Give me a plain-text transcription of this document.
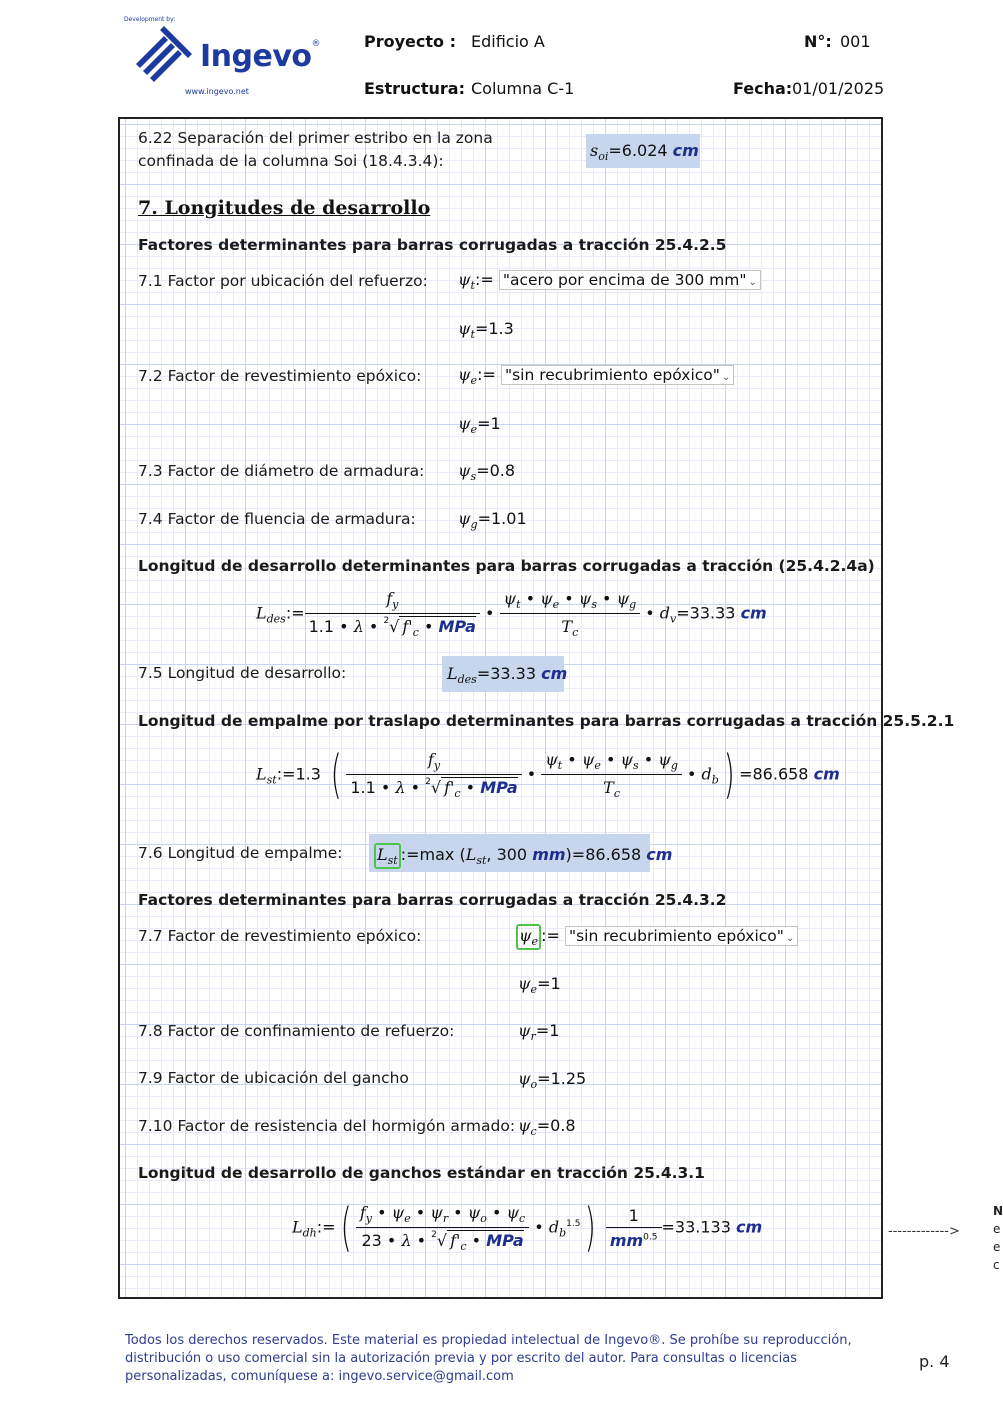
Development by:
Ingevo®
www.ingevo.net
Proyecto : Edificio A	N°: 001
Estructura: Columna C-1	Fecha: 01/01/2025
6.22 Separación del primer estribo en la zona
confinada de la columna Soi (18.4.3.4):
$s_{oi}=6.024$ cm
7. Longitudes de desarrollo
Factores determinantes para barras corrugadas a tracción 25.4.2.5
7.1 Factor por ubicación del refuerzo: $\psi_t:=$ "acero por encima de 300 mm" ⌄
$\psi_t=1.3$
7.2 Factor de revestimiento epóxico: $\psi_e:=$ "sin recubrimiento epóxico" ⌄
$\psi_e=1$
7.3 Factor de diámetro de armadura: $\psi_s=0.8$
7.4 Factor de fluencia de armadura:	$\psi_g=1.01$
Longitud de desarrollo determinantes para barras corrugadas a tracción (25.4.2.4a)
$L_{des}:= \frac{f_y}{1.1 • \lambda • ^2√ f'_c • MPa}$ • $\frac{\psi_t • \psi_e • \psi_s • \psi_g}{T_c}$ • $d_v=33.33$ cm
7.5 Longitud de desarrollo:	$L_{des}=33.33$ cm
Longitud de empalme por traslapo determinantes para barras corrugadas a tracción 25.5.2.1
$L_{st}:=1.3$ ( $\frac{f_y}{1.1 • \lambda • ^2√ f'_c • MPa}$ • $\frac{\psi_t • \psi_e • \psi_s • \psi_g}{T_c}$ • $d_b) =86.658$ cm
7.6 Longitud de empalme: $L_{st}$ :=max ($L_{st}$, 300 mm)=86.658 cm
Factores determinantes para barras corrugadas a tracción 25.4.3.2
7.7 Factor de revestimiento epóxico:	$\psi_e$ := "sin recubrimiento epóxico" ⌄
$\psi_e=1$
7.8 Factor de confinamiento de refuerzo:	$\psi_r=1$
7.9 Factor de ubicación del gancho	$\psi_o=1.25$
7.10 Factor de resistencia del hormigón armado: $\psi_c=0.8$
Longitud de desarrollo de ganchos estándar en tracción 25.4.3.1
$L_{dh}:=( \frac{f_y • \psi_e • \psi_r • \psi_o • \psi_c}{23 • \lambda • ^2√ f'_c • MPa}$ • $d_b^{1.5}) \frac{1}{mm^{0.5}} =33.133$ cm	------------->
N
e
e
c
Todos los derechos reservados. Este material es propiedad intelectual de Ingevo®. Se prohíbe su reproducción, distribución o uso comercial sin la autorización previa y por escrito del autor. Para consultas o licencias personalizadas, comuníquese a: ingevo.service@gmail.com
p. 4
